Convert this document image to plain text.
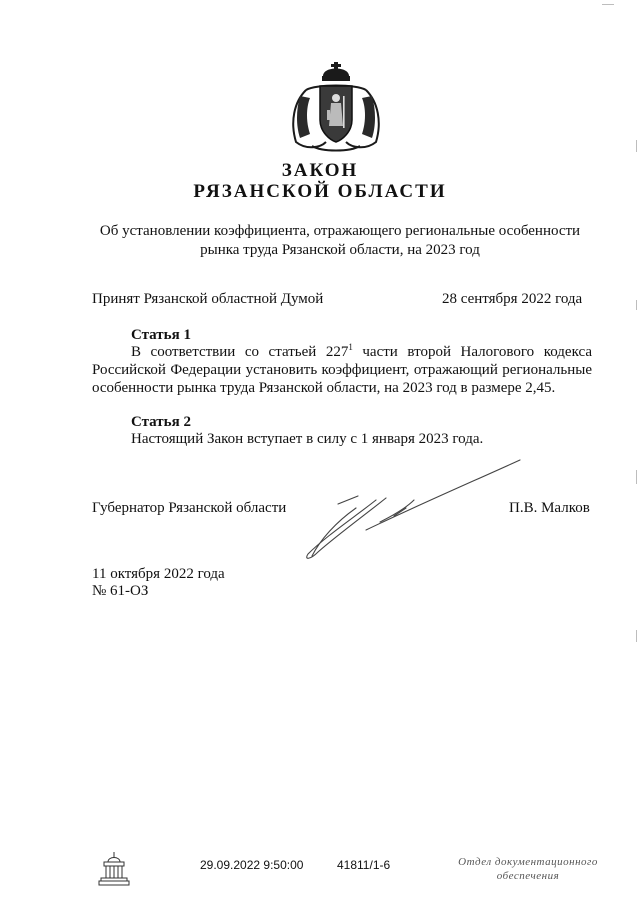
ЗАКОН
РЯЗАНСКОЙ ОБЛАСТИ
Об установлении коэффициента, отражающего региональные особенности
рынка труда Рязанской области, на 2023 год
Принят Рязанской областной Думой	28 сентября 2022 года
Статья 1
В соответствии со статьей $227^1$ части второй Налогового кодекса
Российской Федерации установить коэффициент, отражающий региональные
особенности рынка труда Рязанской области, на 2023 год в размере 2,45.
Статья 2
Настоящий Закон вступает в силу с 1 января 2023 года.
Губернатор Рязанской области	П.В. Малков
11 октября 2022 года
№ 61-ОЗ
29.09.2022 9:50:00	41811/1-6	Отдел документационного
обеспечения
